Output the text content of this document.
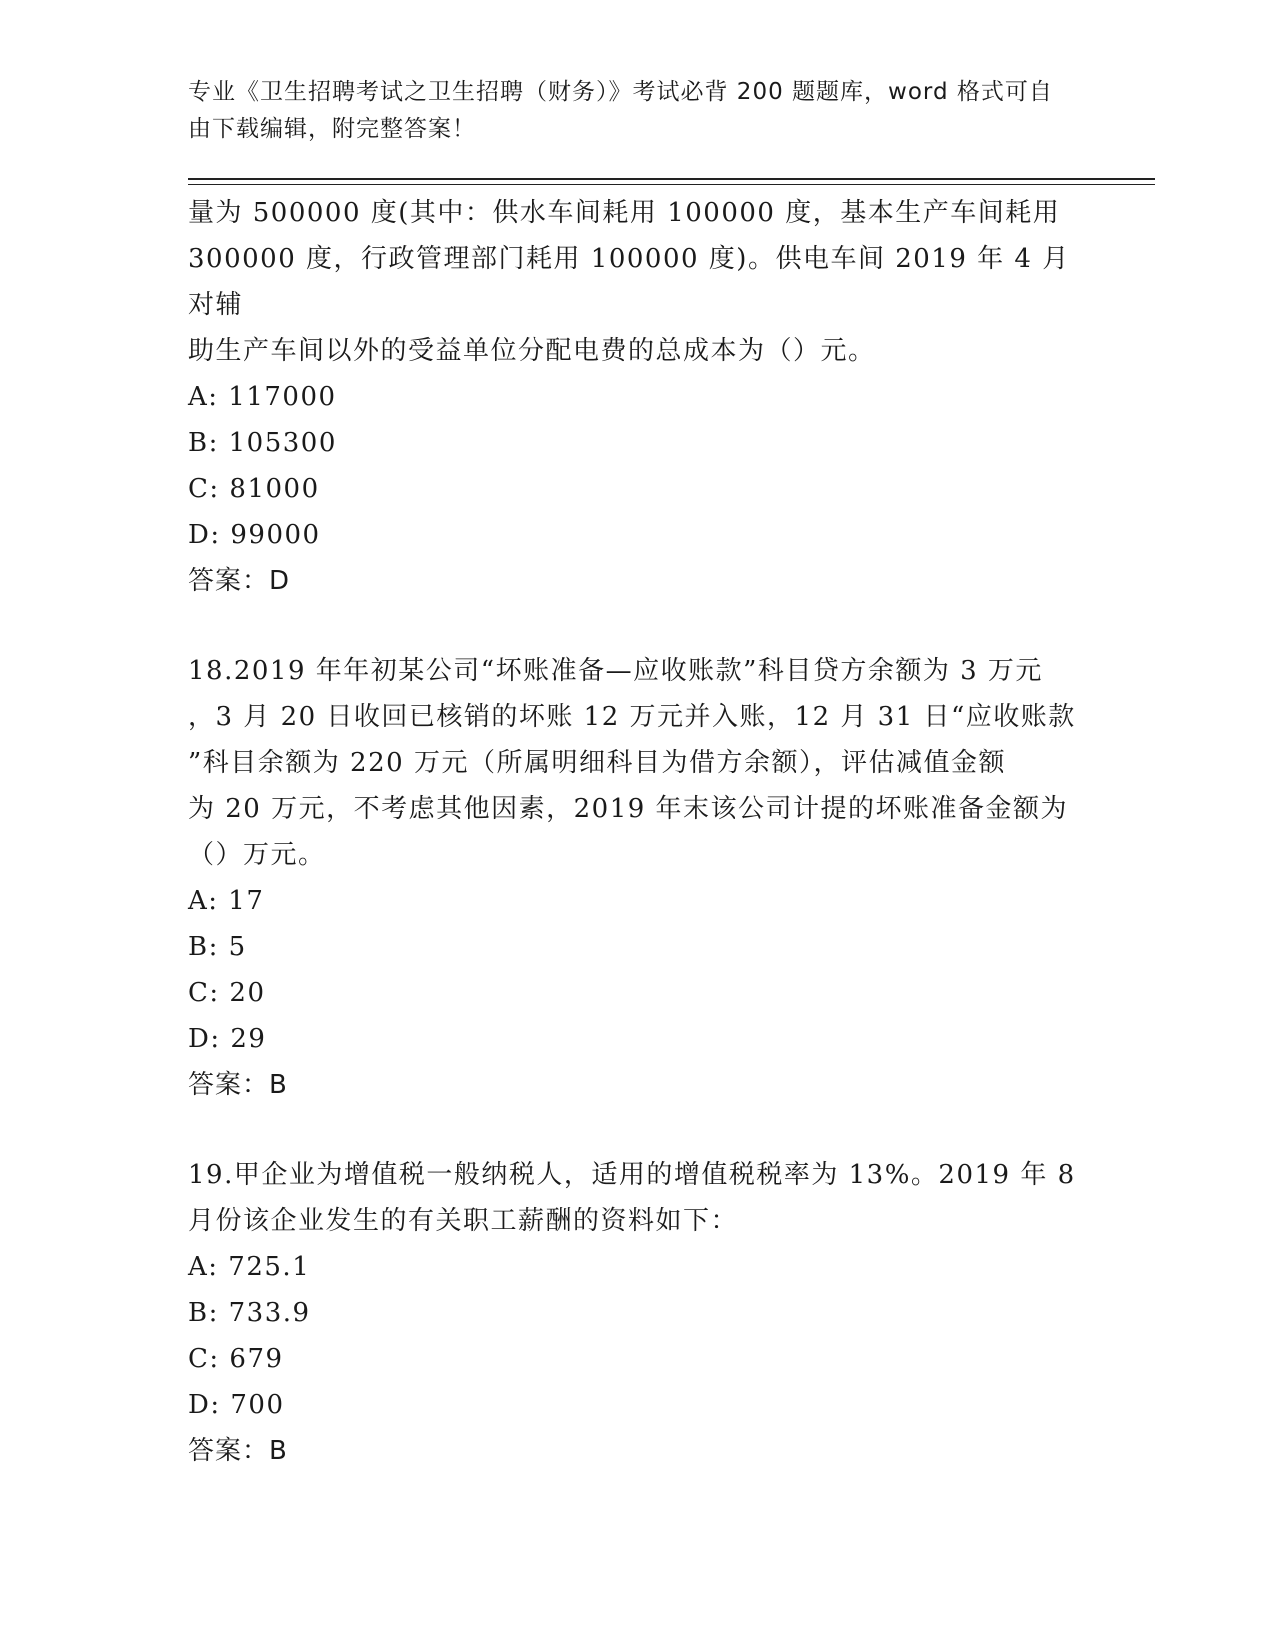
专业《卫生招聘考试之卫生招聘（财务）》考试必背 200 题题库，word 格式可自
由下载编辑，附完整答案！

量为 500000 度(其中：供水车间耗用 100000 度，基本生产车间耗用

300000 度，行政管理部门耗用 100000 度)。供电车间 2019 年 4 月对辅

助生产车间以外的受益单位分配电费的总成本为（）元。

A: 117000

B: 105300

C: 81000

D: 99000

答案：D

18.2019 年年初某公司“坏账准备—应收账款”科目贷方余额为 3 万元

，3 月 20 日收回已核销的坏账 12 万元并入账，12 月 31 日“应收账款

”科目余额为 220 万元（所属明细科目为借方余额），评估减值金额

为 20 万元，不考虑其他因素，2019 年末该公司计提的坏账准备金额为

（）万元。

A: 17

B: 5

C: 20

D: 29

答案：B

19.甲企业为增值税一般纳税人，适用的增值税税率为 13%。2019 年 8

月份该企业发生的有关职工薪酬的资料如下：

A: 725.1

B: 733.9

C: 679

D: 700

答案：B
